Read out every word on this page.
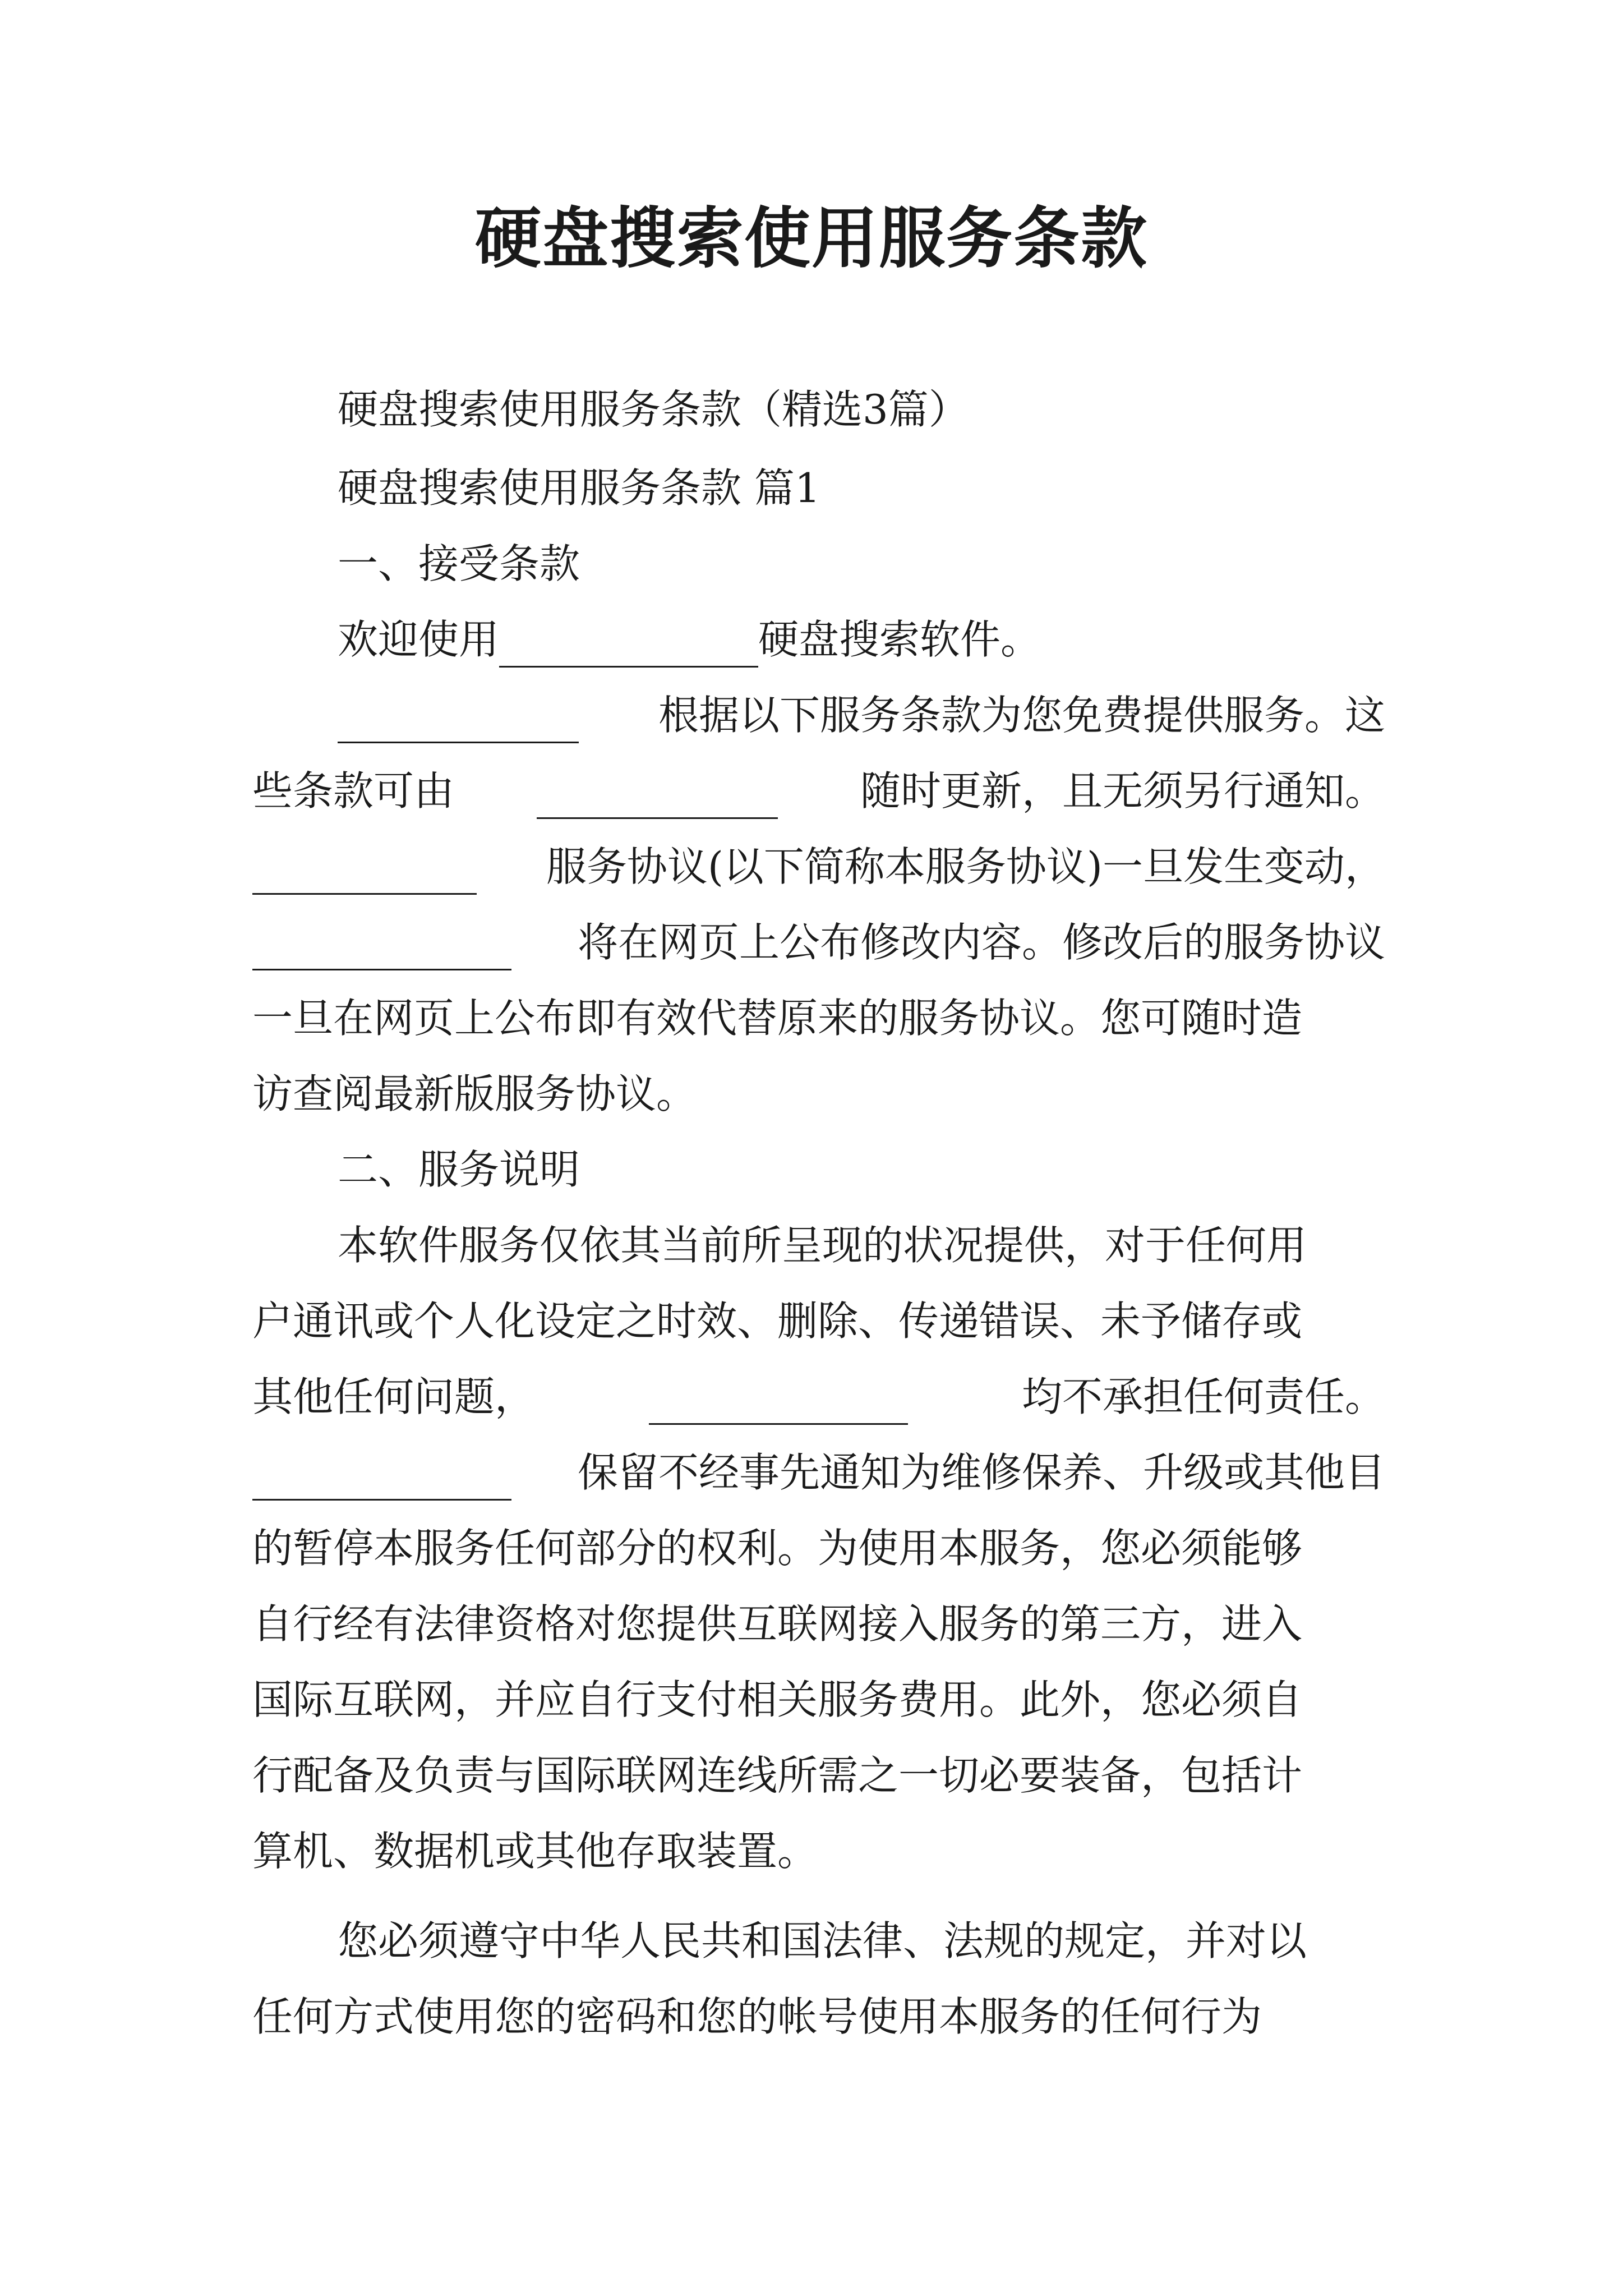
硬盘搜索使用服务条款
硬盘搜索使用服务条款（精选3篇）
硬盘搜索使用服务条款 篇1
一、接受条款
欢迎使用	硬盘搜索软件。
根据以下服务条款为您免费提供服务。这
些条款可由	随时更新，且无须另行通知。
服务协议(以下简称本服务协议)一旦发生变动，
将在网页上公布修改内容。修改后的服务协议
一旦在网页上公布即有效代替原来的服务协议。您可随时造
访查阅最新版服务协议。
二、服务说明
本软件服务仅依其当前所呈现的状况提供，对于任何用
户通讯或个人化设定之时效、删除、传递错误、未予储存或
其他任何问题，	均不承担任何责任。
保留不经事先通知为维修保养、升级或其他目
的暂停本服务任何部分的权利。为使用本服务，您必须能够
自行经有法律资格对您提供互联网接入服务的第三方，进入
国际互联网，并应自行支付相关服务费用。此外，您必须自
行配备及负责与国际联网连线所需之一切必要装备，包括计
算机、数据机或其他存取装置。
您必须遵守中华人民共和国法律、法规的规定，并对以
任何方式使用您的密码和您的帐号使用本服务的任何行为
